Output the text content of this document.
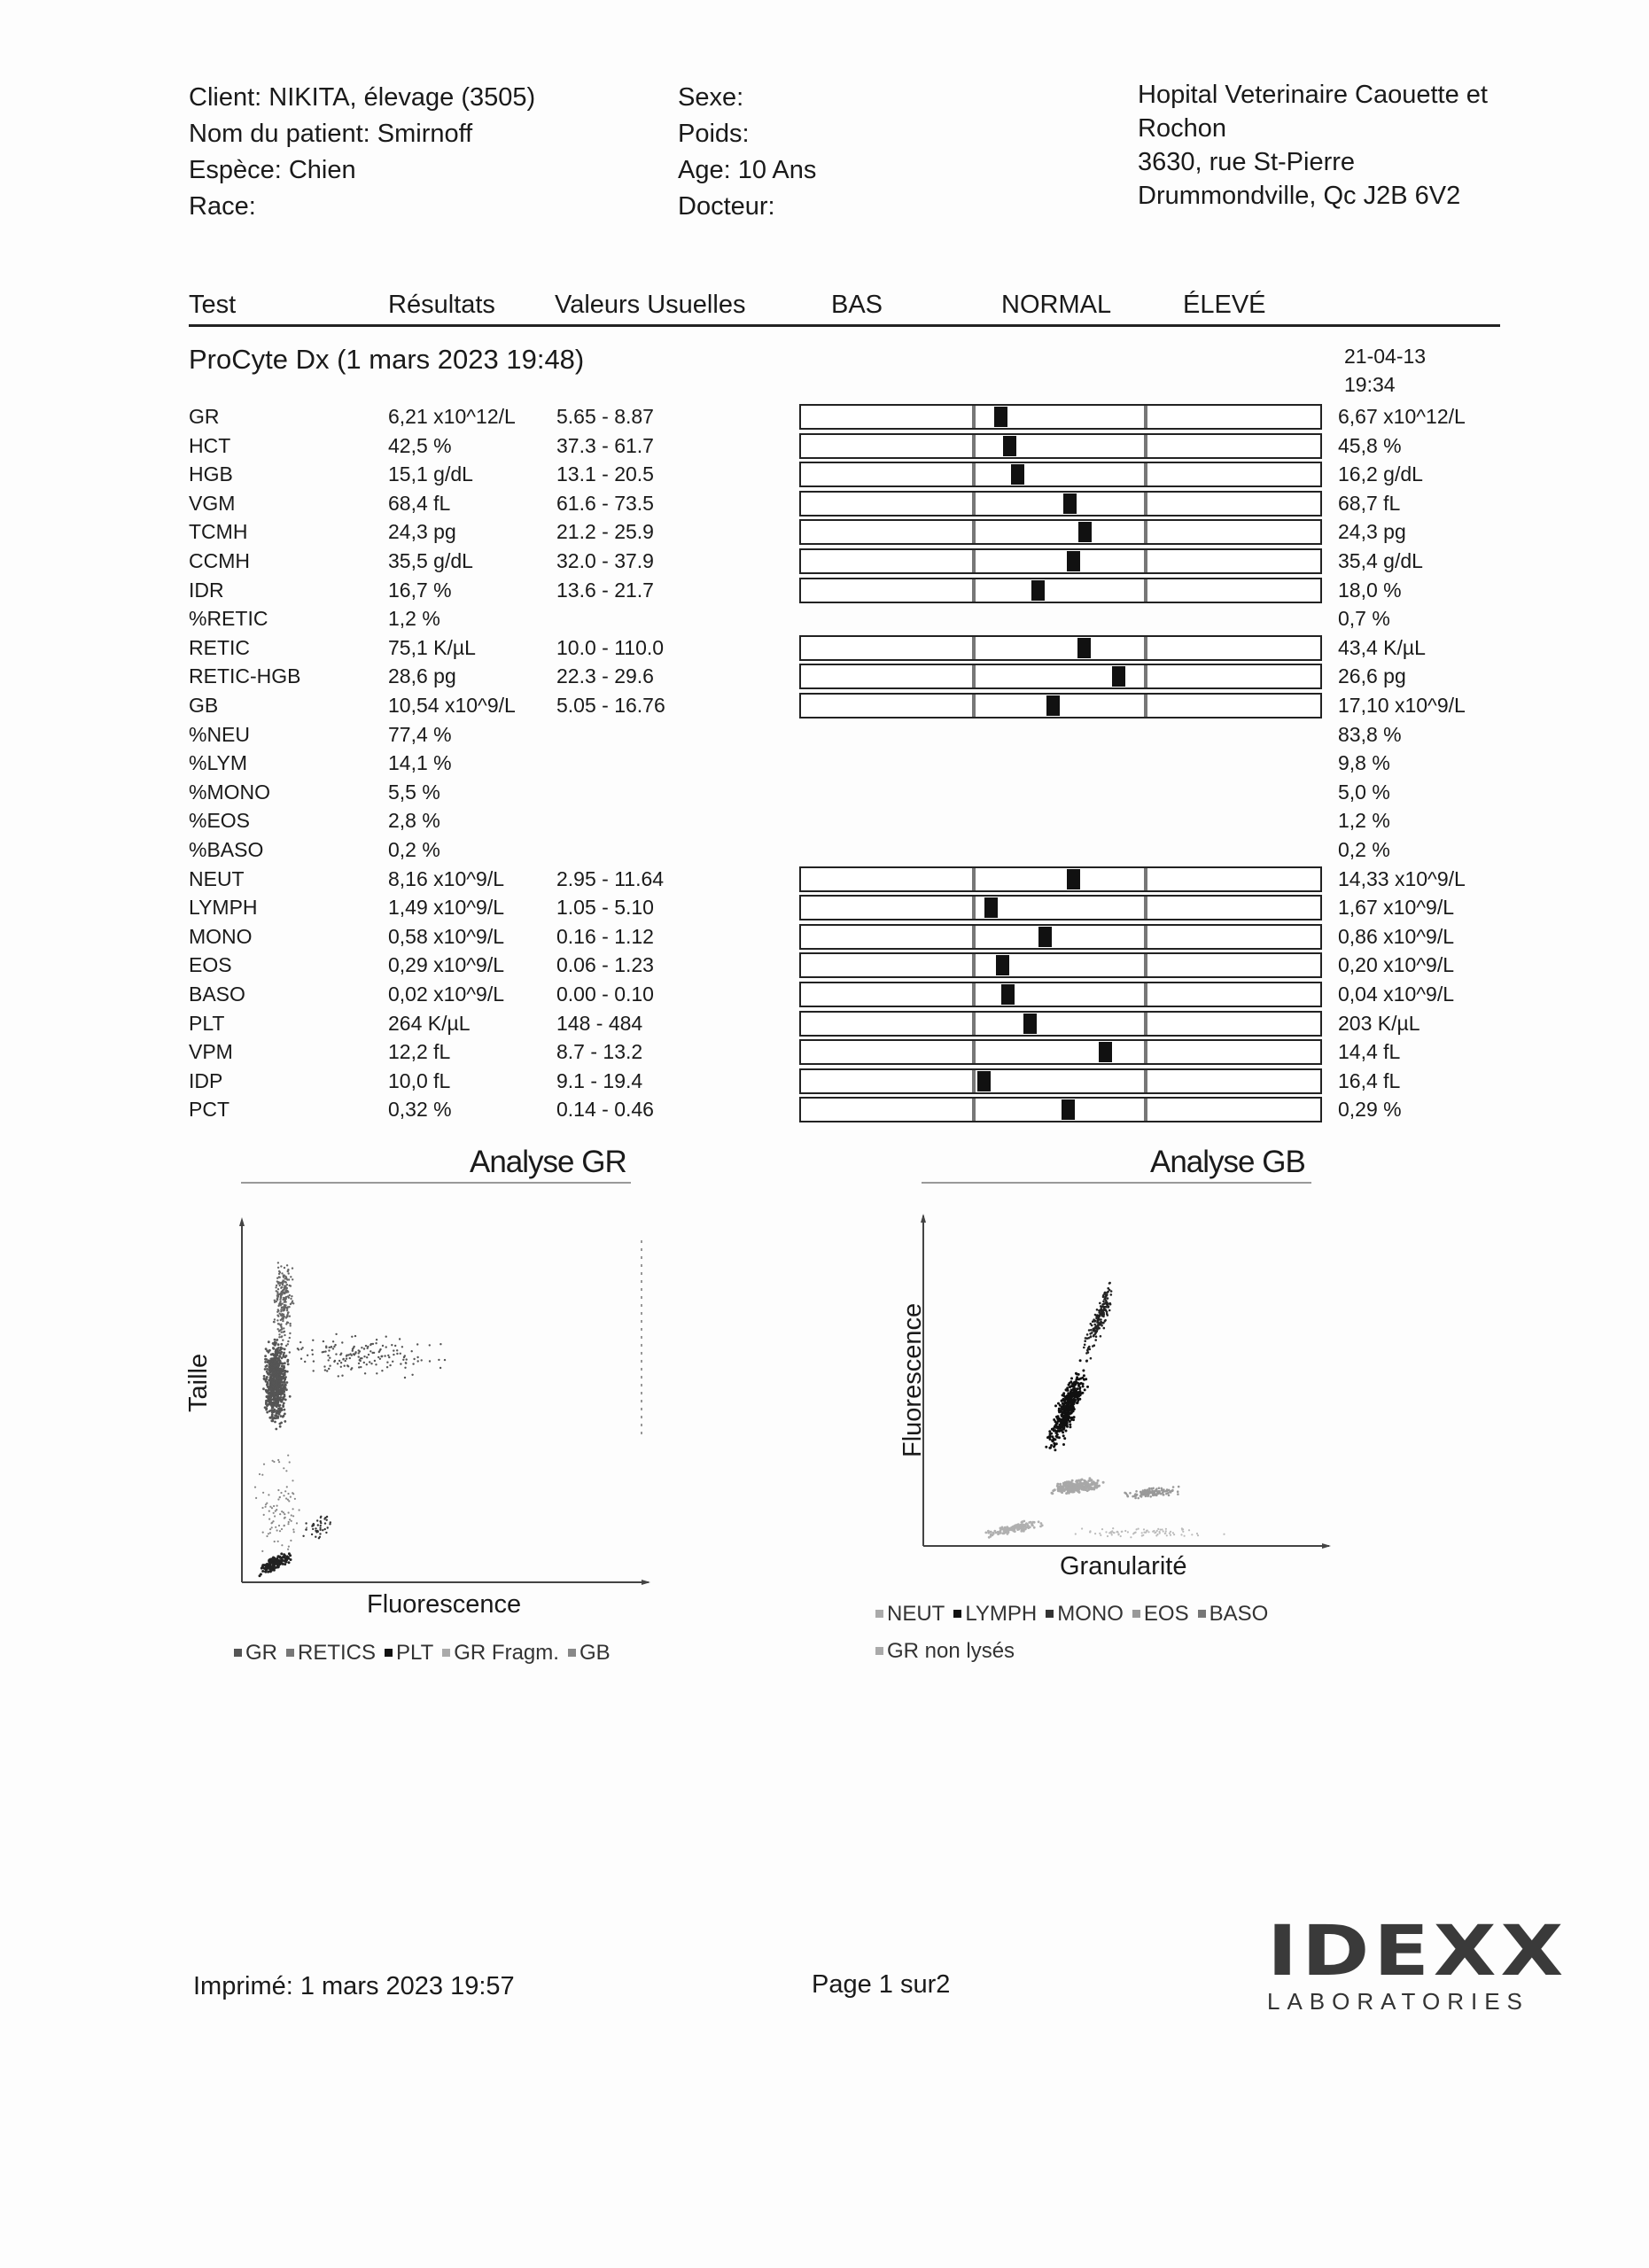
Client: NIKITA, élevage (3505)
Nom du patient: Smirnoff
Espèce: Chien
Race:
Sexe:
Poids:
Age: 10 Ans
Docteur:
Hopital Veterinaire Caouette et
Rochon
3630, rue St-Pierre
Drummondville, Qc J2B 6V2
Test	Résultats Valeurs Usuelles	BAS	NORMAL	ÉLEVÉ
ProCyte Dx (1 mars 2023 19:48)	21-04-13
19:34
GR	6,21 x10^12/L 5.65 - 8.87	6,67 x10^12/L
HCT	42,5 %	37.3 - 61.7	45,8 %
HGB	15,1 g/dL	13.1 - 20.5	16,2 g/dL
VGM	68,4 fL	61.6 - 73.5	68,7 fL
TCMH	24,3 pg	21.2 - 25.9	24,3 pg
CCMH	35,5 g/dL	32.0 - 37.9	35,4 g/dL
IDR	16,7 %	13.6 - 21.7	18,0 %
%RETIC	1,2 %	0,7 %
RETIC	75,1 K/µL	10.0 - 110.0	43,4 K/µL
RETIC-HGB	28,6 pg	22.3 - 29.6	26,6 pg
GB	10,54 x10^9/L 5.05 - 16.76	17,10 x10^9/L
%NEU	77,4 %	83,8 %
%LYM	14,1 %	9,8 %
%MONO	5,5 %	5,0 %
%EOS	2,8 %	1,2 %
%BASO	0,2 %	0,2 %
NEUT	8,16 x10^9/L	2.95 - 11.64	14,33 x10^9/L
LYMPH	1,49 x10^9/L	1.05 - 5.10	1,67 x10^9/L
MONO	0,58 x10^9/L	0.16 - 1.12	0,86 x10^9/L
EOS	0,29 x10^9/L	0.06 - 1.23	0,20 x10^9/L
BASO	0,02 x10^9/L	0.00 - 0.10	0,04 x10^9/L
PLT	264 K/µL	148 - 484	203 K/µL
VPM	12,2 fL	8.7 - 13.2	14,4 fL
IDP	10,0 fL	9.1 - 19.4	16,4 fL
PCT	0,32 %	0.14 - 0.46	0,29 %
Analyse GR
Taille
Fluorescence
GR RETICS PLT GR Fragm. GB
Analyse GB
Fluorescence
Granularité
NEUT LYMPH MONO EOS BASO
GR non lysés
Imprimé: 1 mars 2023 19:57	Page 1 sur2	IDEXX
LABORATORIES
